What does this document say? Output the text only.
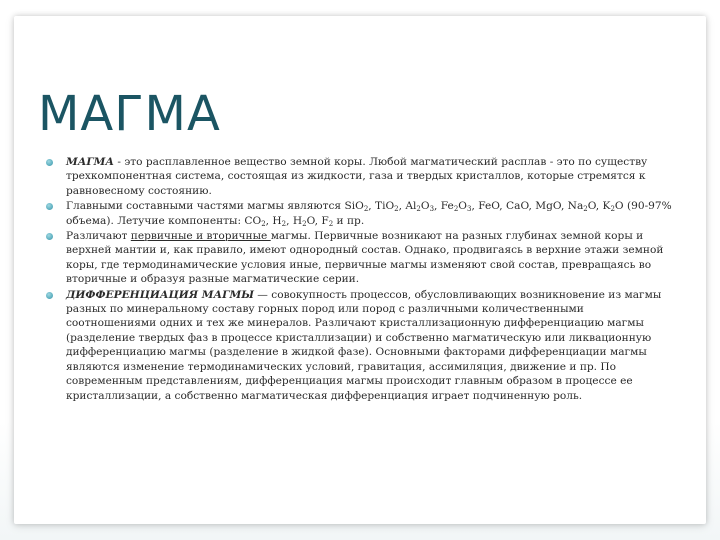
МАГМА

МАГМА - это расплавленное вещество земной коры. Любой магматический расплав - это по существу трехкомпонентная система, состоящая из жидкости, газа и твердых кристаллов, которые стремятся к равновесному состоянию.

Главными составными частями магмы являются SiO$_2$, TiO$_2$, $Al_2O_3$, $Fe_2O_3$, FeO, CaO, MgO, $Na_2O$, $K_2O$ (90-97% объема). Летучие компоненты: $CO_2$, $H_2$, $H_2O$, $F_2$ и пр.

Различают первичные и вторичные магмы. Первичные возникают на разных глубинах земной коры и верхней мантии и, как правило, имеют однородный состав. Однако, продвигаясь в верхние этажи земной коры, где термодинамические условия иные, первичные магмы изменяют свой состав, превращаясь во вторичные и образуя разные магматические серии.

ДИФФЕРЕНЦИАЦИЯ МАГМЫ — совокупность процессов, обусловливающих возникновение из магмы разных по минеральному составу горных пород или пород с различными количественными соотношениями одних и тех же минералов. Различают кристаллизационную дифференциацию магмы (разделение твердых фаз в процессе кристаллизации) и собственно магматическую или ликвационную дифференциацию магмы (разделение в жидкой фазе). Основными факторами дифференциации магмы являются изменение термодинамических условий, гравитация, ассимиляция, движение и пр. По современным представлениям, дифференциация магмы происходит главным образом в процессе ее кристаллизации, а собственно магматическая дифференциация играет подчиненную роль.
